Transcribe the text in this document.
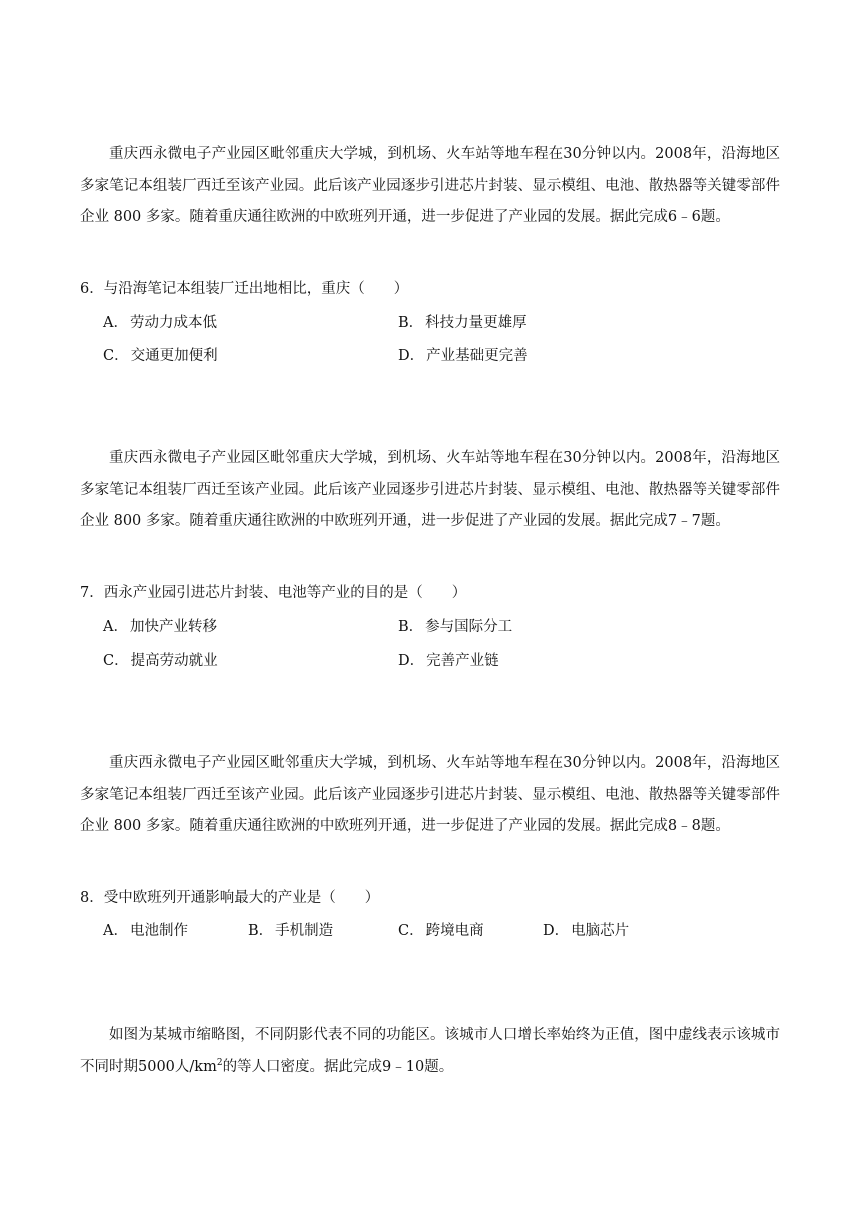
重庆西永微电子产业园区毗邻重庆大学城，到机场、火车站等地车程在30分钟以内。2008年，沿海地区多家笔记本组装厂西迁至该产业园。此后该产业园逐步引进芯片封装、显示模组、电池、散热器等关键零部件企业 800 多家。随着重庆通往欧洲的中欧班列开通，进一步促进了产业园的发展。据此完成6﹣6题。

6．与沿海笔记本组装厂迁出地相比，重庆（　　）

A． 劳动力成本低	B． 科技力量更雄厚
C． 交通更加便利	D． 产业基础更完善

重庆西永微电子产业园区毗邻重庆大学城，到机场、火车站等地车程在30分钟以内。2008年，沿海地区多家笔记本组装厂西迁至该产业园。此后该产业园逐步引进芯片封装、显示模组、电池、散热器等关键零部件企业 800 多家。随着重庆通往欧洲的中欧班列开通，进一步促进了产业园的发展。据此完成7﹣7题。

7．西永产业园引进芯片封装、电池等产业的目的是（　　）

A． 加快产业转移	B． 参与国际分工
C． 提高劳动就业	D． 完善产业链

重庆西永微电子产业园区毗邻重庆大学城，到机场、火车站等地车程在30分钟以内。2008年，沿海地区多家笔记本组装厂西迁至该产业园。此后该产业园逐步引进芯片封装、显示模组、电池、散热器等关键零部件企业 800 多家。随着重庆通往欧洲的中欧班列开通，进一步促进了产业园的发展。据此完成8﹣8题。

8．受中欧班列开通影响最大的产业是（　　）

A． 电池制作	B． 手机制造	C． 跨境电商	D． 电脑芯片

如图为某城市缩略图，不同阴影代表不同的功能区。该城市人口增长率始终为正值，图中虚线表示该城市不同时期5000人$/km^2$的等人口密度。据此完成9﹣10题。
